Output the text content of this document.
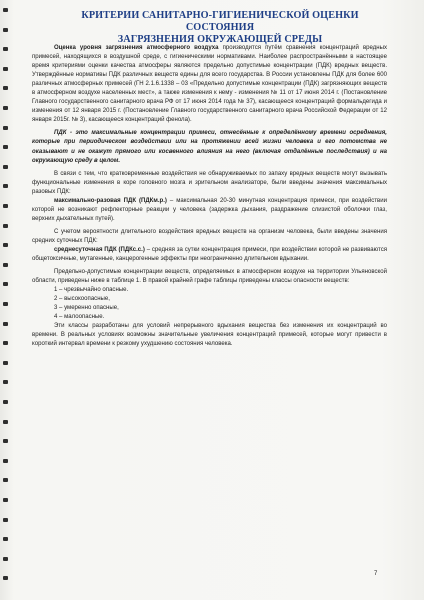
КРИТЕРИИ САНИТАРНО-ГИГИЕНИЧЕСКОЙ ОЦЕНКИ СОСТОЯНИЯ
ЗАГРЯЗНЕНИЯ ОКРУЖАЮЩЕЙ СРЕДЫ

Оценка уровня загрязнения атмосферного воздуха производится путём сравнения концентраций вредных примесей, находящихся в воздушной среде, с гигиеническими нормативами. Наиболее распространёнными в настоящее время критериями оценки качества атмосферы являются предельно допустимые концентрации (ПДК) вредных веществ. Утверждённые нормативы ПДК различных веществ едины для всего государства. В России установлены ПДК для более 600 различных атмосферных примесей (ГН 2.1.6.1338 – 03 «Предельно допустимые концентрации (ПДК) загрязняющих веществ в атмосферном воздухе населенных мест», а также изменения к нему - изменения № 11 от 17 июня 2014 г. (Постановление Главного государственного санитарного врача РФ от 17 июня 2014 года № 37), касающееся концентраций формальдегида и изменения от 12 января 2015 г. (Постановление Главного государственного санитарного врача Российской Федерации от 12 января 2015г. № 3), касающееся концентраций фенола).

ПДК - это максимальные концентрации примеси, отнесённые к определённому времени осреднения, которые при периодическом воздействии или на протяжении всей жизни человека и его потомства не оказывают и не окажут прямого или косвенного влияния на него (включая отдалённые последствия) и на окружающую среду в целом.

В связи с тем, что кратковременные воздействия не обнаруживаемых по запаху вредных веществ могут вызывать функциональные изменения в коре головного мозга и зрительном анализаторе, были введены значения максимальных разовых ПДК:

максимально-разовая ПДК (ПДКм.р.) – максимальная 20-30 минутная концентрация примеси, при воздействии которой не возникают рефлекторные реакции у человека (задержка дыхания, раздражение слизистой оболочки глаз, верхних дыхательных путей).

С учетом вероятности длительного воздействия вредных веществ на организм человека, были введены значения средних суточных ПДК:

среднесуточная ПДК (ПДКс.с.) – средняя за сутки концентрация примеси, при воздействии которой не развиваются общетоксичные, мутагенные, канцерогенные эффекты при неограниченно длительном вдыхании.

Предельно-допустимые концентрации веществ, определяемых в атмосферном воздухе на территории Ульяновской области, приведены ниже в таблице 1. В правой крайней графе таблицы приведены классы опасности веществ:

1 – чрезвычайно опасные.
2 – высокоопасные,
3 – умеренно опасные,
4 – малоопасные.

Эти классы разработаны для условий непрерывного вдыхания вещества без изменения их концентраций во времени. В реальных условиях возможны значительные увеличения концентраций примесей, которые могут привести в короткий интервал времени к резкому ухудшению состояния человека.

7
